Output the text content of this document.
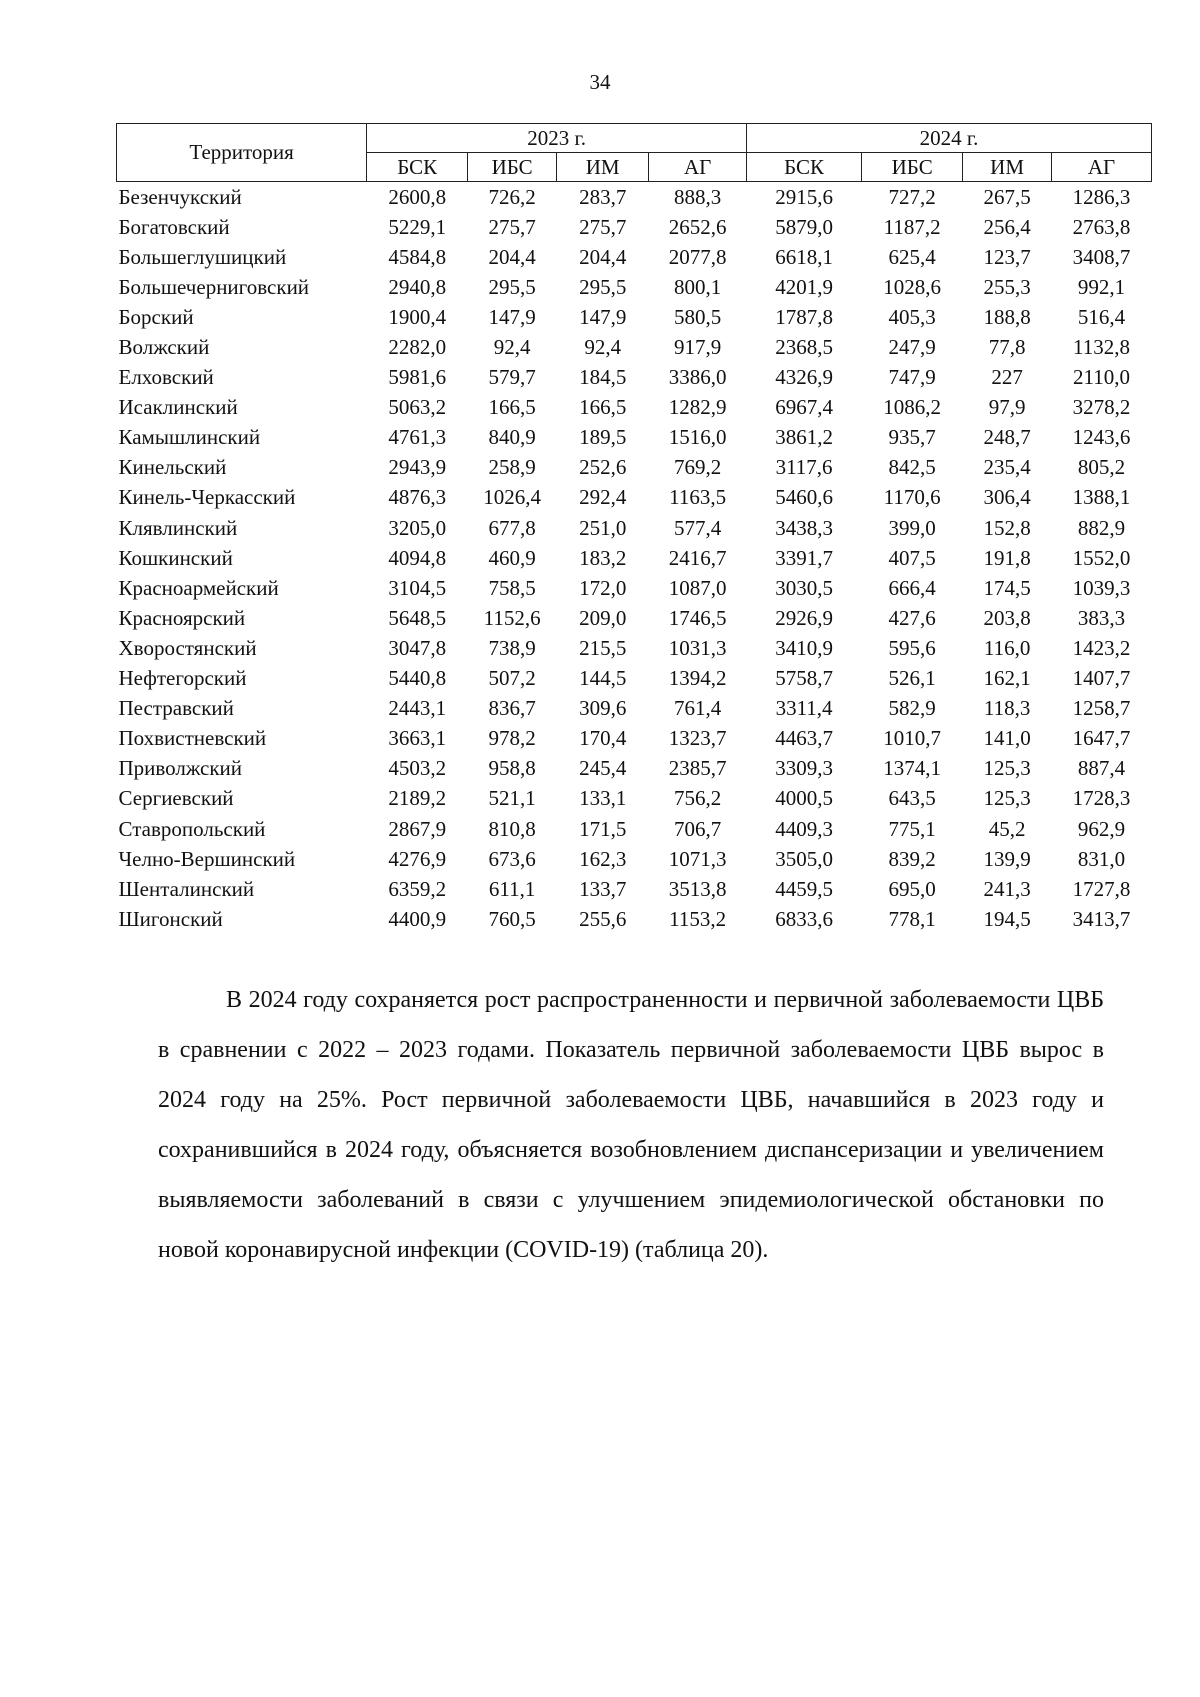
34
Территория	2023 г.				2024 г.			
	БСК	ИБС	ИМ	АГ	БСК	ИБС	ИМ	АГ
Безенчукский	2600,8	726,2	283,7	888,3	2915,6	727,2	267,5	1286,3
Богатовский	5229,1	275,7	275,7	2652,6	5879,0	1187,2	256,4	2763,8
Большеглушицкий	4584,8	204,4	204,4	2077,8	6618,1	625,4	123,7	3408,7
Большечерниговский	2940,8	295,5	295,5	800,1	4201,9	1028,6	255,3	992,1
Борский	1900,4	147,9	147,9	580,5	1787,8	405,3	188,8	516,4
Волжский	2282,0	92,4	92,4	917,9	2368,5	247,9	77,8	1132,8
Елховский	5981,6	579,7	184,5	3386,0	4326,9	747,9	227	2110,0
Исаклинский	5063,2	166,5	166,5	1282,9	6967,4	1086,2	97,9	3278,2
Камышлинский	4761,3	840,9	189,5	1516,0	3861,2	935,7	248,7	1243,6
Кинельский	2943,9	258,9	252,6	769,2	3117,6	842,5	235,4	805,2
Кинель-Черкасский	4876,3	1026,4	292,4	1163,5	5460,6	1170,6	306,4	1388,1
Клявлинский	3205,0	677,8	251,0	577,4	3438,3	399,0	152,8	882,9
Кошкинский	4094,8	460,9	183,2	2416,7	3391,7	407,5	191,8	1552,0
Красноармейский	3104,5	758,5	172,0	1087,0	3030,5	666,4	174,5	1039,3
Красноярский	5648,5	1152,6	209,0	1746,5	2926,9	427,6	203,8	383,3
Хворостянский	3047,8	738,9	215,5	1031,3	3410,9	595,6	116,0	1423,2
Нефтегорский	5440,8	507,2	144,5	1394,2	5758,7	526,1	162,1	1407,7
Пестравский	2443,1	836,7	309,6	761,4	3311,4	582,9	118,3	1258,7
Похвистневский	3663,1	978,2	170,4	1323,7	4463,7	1010,7	141,0	1647,7
Приволжский	4503,2	958,8	245,4	2385,7	3309,3	1374,1	125,3	887,4
Сергиевский	2189,2	521,1	133,1	756,2	4000,5	643,5	125,3	1728,3
Ставропольский	2867,9	810,8	171,5	706,7	4409,3	775,1	45,2	962,9
Челно-Вершинский	4276,9	673,6	162,3	1071,3	3505,0	839,2	139,9	831,0
Шенталинский	6359,2	611,1	133,7	3513,8	4459,5	695,0	241,3	1727,8
Шигонский	4400,9	760,5	255,6	1153,2	6833,6	778,1	194,5	3413,7

В 2024 году сохраняется рост распространенности и первичной заболеваемости ЦВБ в сравнении с 2022 – 2023 годами. Показатель первичной заболеваемости ЦВБ вырос в 2024 году на 25%. Рост первичной заболеваемости ЦВБ, начавшийся в 2023 году и сохранившийся в 2024 году, объясняется возобновлением диспансеризации и увеличением выявляемости заболеваний в связи с улучшением эпидемиологической обстановки по новой коронавирусной инфекции (COVID-19) (таблица 20).
